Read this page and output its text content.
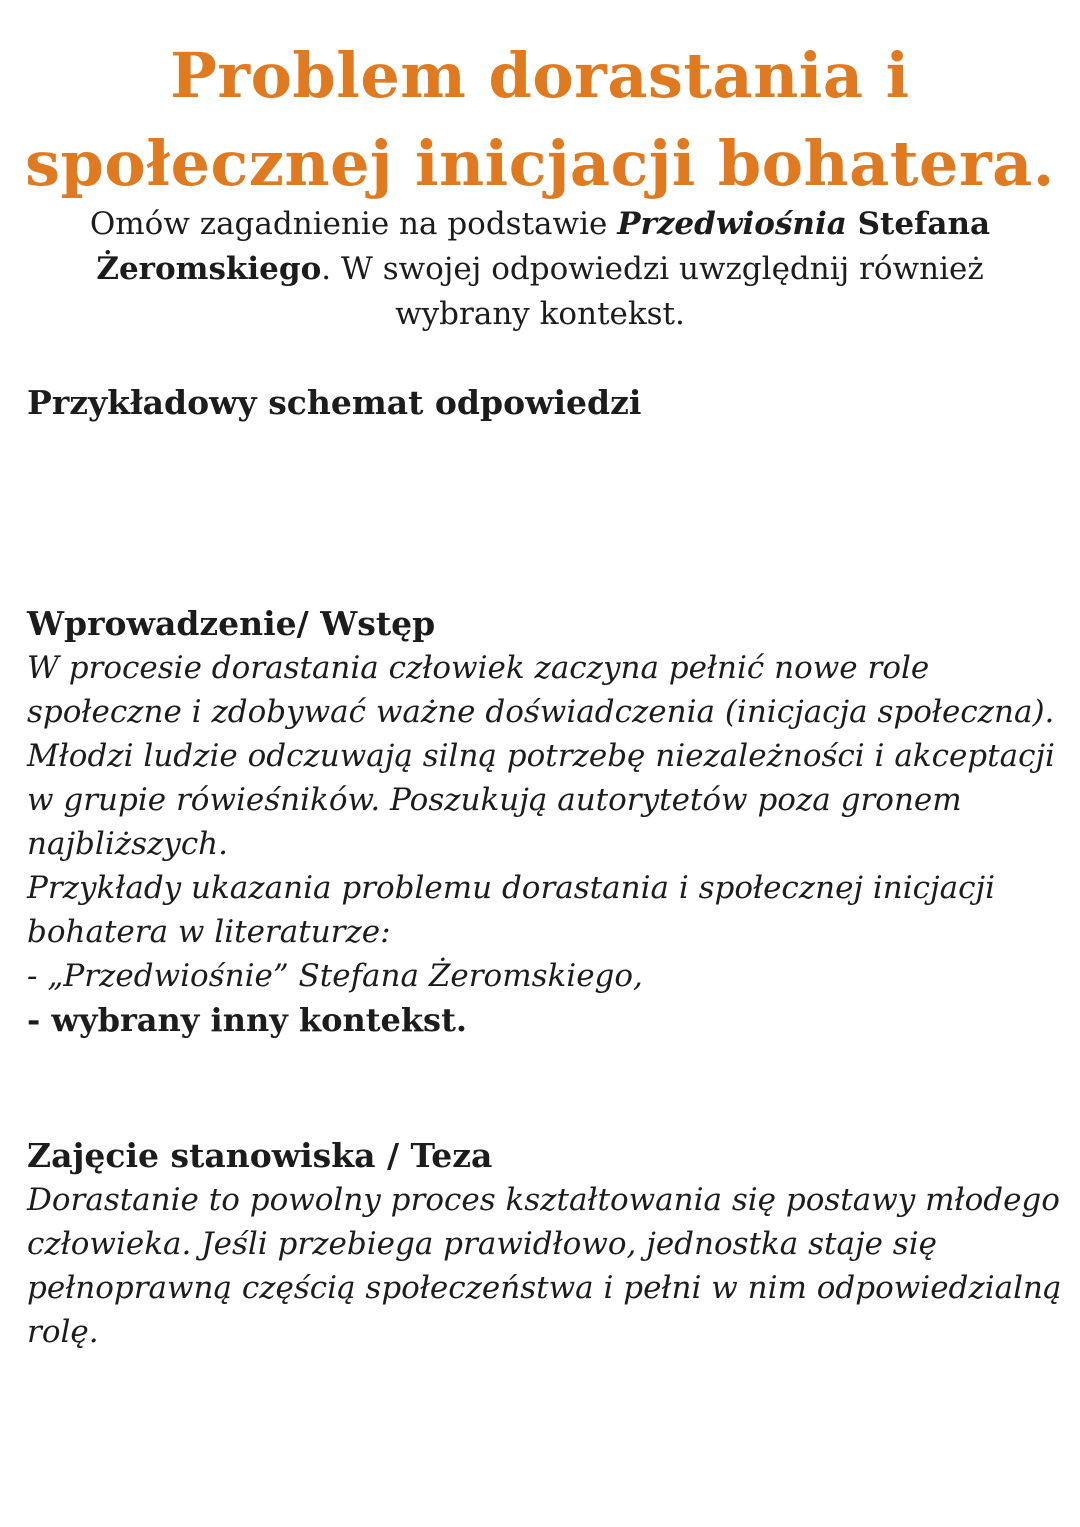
Problem dorastania i
społecznej inicjacji bohatera.
Omów zagadnienie na podstawie Przedwiośnia Stefana
Żeromskiego. W swojej odpowiedzi uwzględnij również
wybrany kontekst.
Przykładowy schemat odpowiedzi
Wprowadzenie/ Wstęp
W procesie dorastania człowiek zaczyna pełnić nowe role
społeczne i zdobywać ważne doświadczenia (inicjacja społeczna).
Młodzi ludzie odczuwają silną potrzebę niezależności i akceptacji
w grupie rówieśników. Poszukują autorytetów poza gronem
najbliższych.
Przykłady ukazania problemu dorastania i społecznej inicjacji
bohatera w literaturze:
- „Przedwiośnie” Stefana Żeromskiego,
- wybrany inny kontekst.
Zajęcie stanowiska / Teza
Dorastanie to powolny proces kształtowania się postawy młodego
człowieka. Jeśli przebiega prawidłowo, jednostka staje się
pełnoprawną częścią społeczeństwa i pełni w nim odpowiedzialną
rolę.
